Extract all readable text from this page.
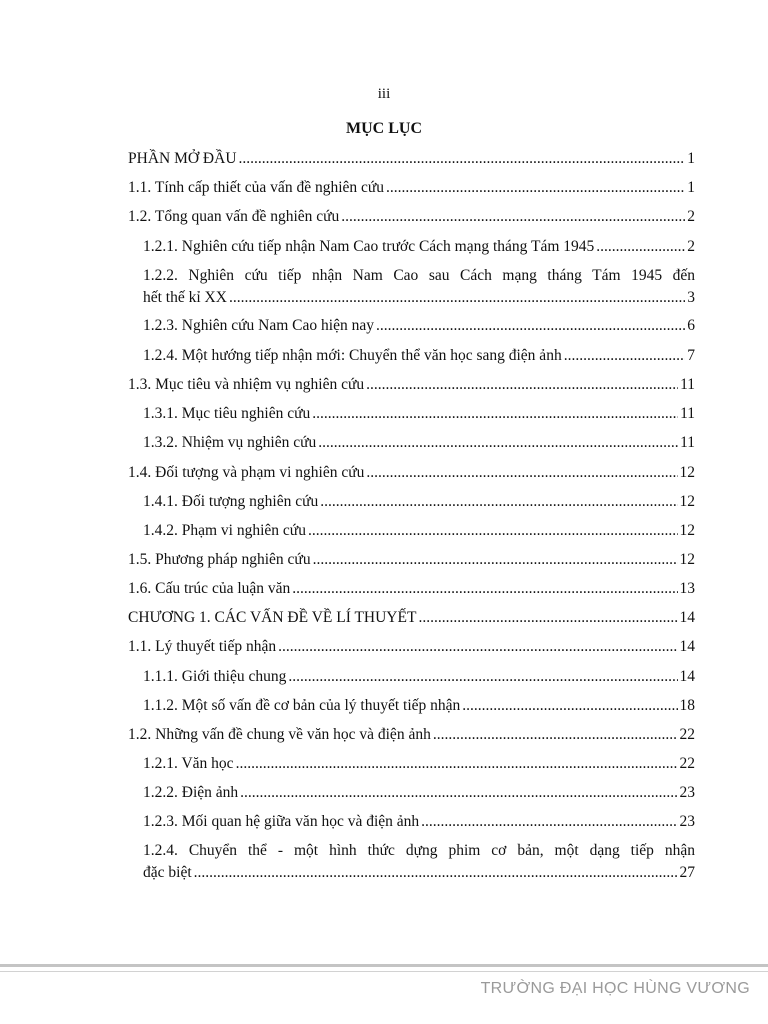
iii
MỤC LỤC
PHẦN MỞ ĐẦU .....	1
1.1. Tính cấp thiết của vấn đề nghiên cứu .....	1
1.2. Tổng quan vấn đề nghiên cứu .....	2
1.2.1. Nghiên cứu tiếp nhận Nam Cao trước Cách mạng tháng Tám 1945 .....	2
1.2.2. Nghiên cứu tiếp nhận Nam Cao sau Cách mạng tháng Tám 1945 đến
hết thế kỉ XX .....	3
1.2.3. Nghiên cứu Nam Cao hiện nay .....	6
1.2.4. Một hướng tiếp nhận mới: Chuyển thể văn học sang điện ảnh .....	7
1.3. Mục tiêu và nhiệm vụ nghiên cứu .....	11
1.3.1. Mục tiêu nghiên cứu .....	11
1.3.2. Nhiệm vụ nghiên cứu .....	11
1.4. Đối tượng và phạm vi nghiên cứu .....	12
1.4.1. Đối tượng nghiên cứu .....	12
1.4.2. Phạm vi nghiên cứu .....	12
1.5. Phương pháp nghiên cứu .....	12
1.6. Cấu trúc của luận văn .....	13
CHƯƠNG 1. CÁC VẤN ĐỀ VỀ LÍ THUYẾT .....	14
1.1. Lý thuyết tiếp nhận .....	14
1.1.1. Giới thiệu chung .....	14
1.1.2. Một số vấn đề cơ bản của lý thuyết tiếp nhận .....	18
1.2. Những vấn đề chung về văn học và điện ảnh .....	22
1.2.1. Văn học .....	22
1.2.2. Điện ảnh .....	23
1.2.3. Mối quan hệ giữa văn học và điện ảnh .....	23
1.2.4. Chuyển thể - một hình thức dựng phim cơ bản, một dạng tiếp nhận
đặc biệt .....	27
TRƯỜNG ĐẠI HỌC HÙNG VƯƠNG
